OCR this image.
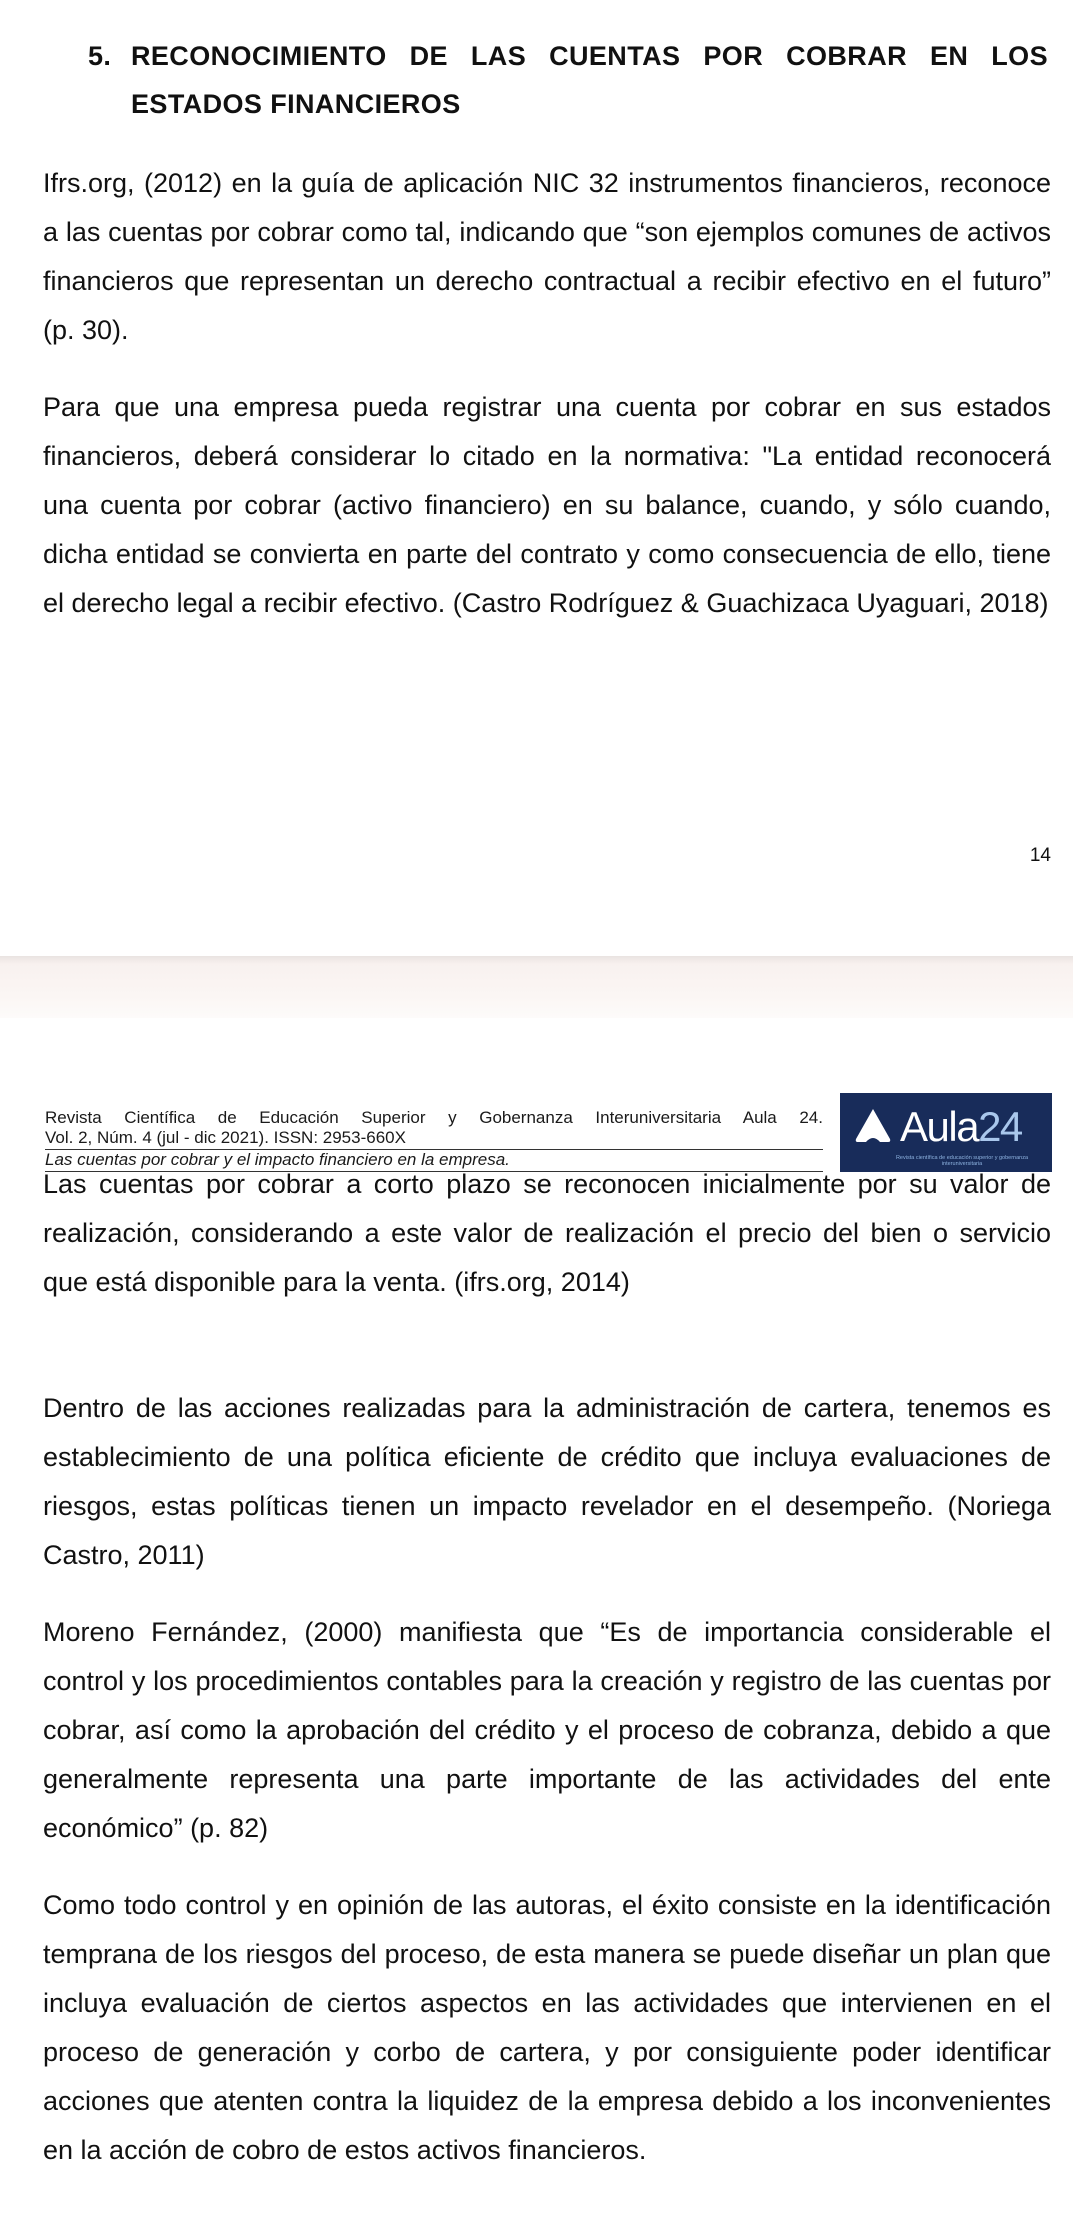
5. RECONOCIMIENTO DE LAS CUENTAS POR COBRAR EN LOS ESTADOS FINANCIEROS

Ifrs.org, (2012) en la guía de aplicación NIC 32 instrumentos financieros, reconoce a las cuentas por cobrar como tal, indicando que “son ejemplos comunes de activos financieros que representan un derecho contractual a recibir efectivo en el futuro” (p. 30).

Para que una empresa pueda registrar una cuenta por cobrar en sus estados financieros, deberá considerar lo citado en la normativa: "La entidad reconocerá una cuenta por cobrar (activo financiero) en su balance, cuando, y sólo cuando, dicha entidad se convierta en parte del contrato y como consecuencia de ello, tiene el derecho legal a recibir efectivo. (Castro Rodríguez & Guachizaca Uyaguari, 2018)

14
Revista Científica de Educación Superior y Gobernanza Interuniversitaria Aula 24.
Vol. 2, Núm. 4 (jul - dic 2021). ISSN: 2953-660X
Las cuentas por cobrar y el impacto financiero en la empresa.
Aula24
Revista científica de educación superior y gobernanza interuniversitaria

Las cuentas por cobrar a corto plazo se reconocen inicialmente por su valor de realización, considerando a este valor de realización el precio del bien o servicio que está disponible para la venta. (ifrs.org, 2014)

Dentro de las acciones realizadas para la administración de cartera, tenemos es establecimiento de una política eficiente de crédito que incluya evaluaciones de riesgos, estas políticas tienen un impacto revelador en el desempeño. (Noriega Castro, 2011)

Moreno Fernández, (2000) manifiesta que “Es de importancia considerable el control y los procedimientos contables para la creación y registro de las cuentas por cobrar, así como la aprobación del crédito y el proceso de cobranza, debido a que generalmente representa una parte importante de las actividades del ente económico” (p. 82)

Como todo control y en opinión de las autoras, el éxito consiste en la identificación temprana de los riesgos del proceso, de esta manera se puede diseñar un plan que incluya evaluación de ciertos aspectos en las actividades que intervienen en el proceso de generación y corbo de cartera, y por consiguiente poder identificar acciones que atenten contra la liquidez de la empresa debido a los inconvenientes en la acción de cobro de estos activos financieros.
